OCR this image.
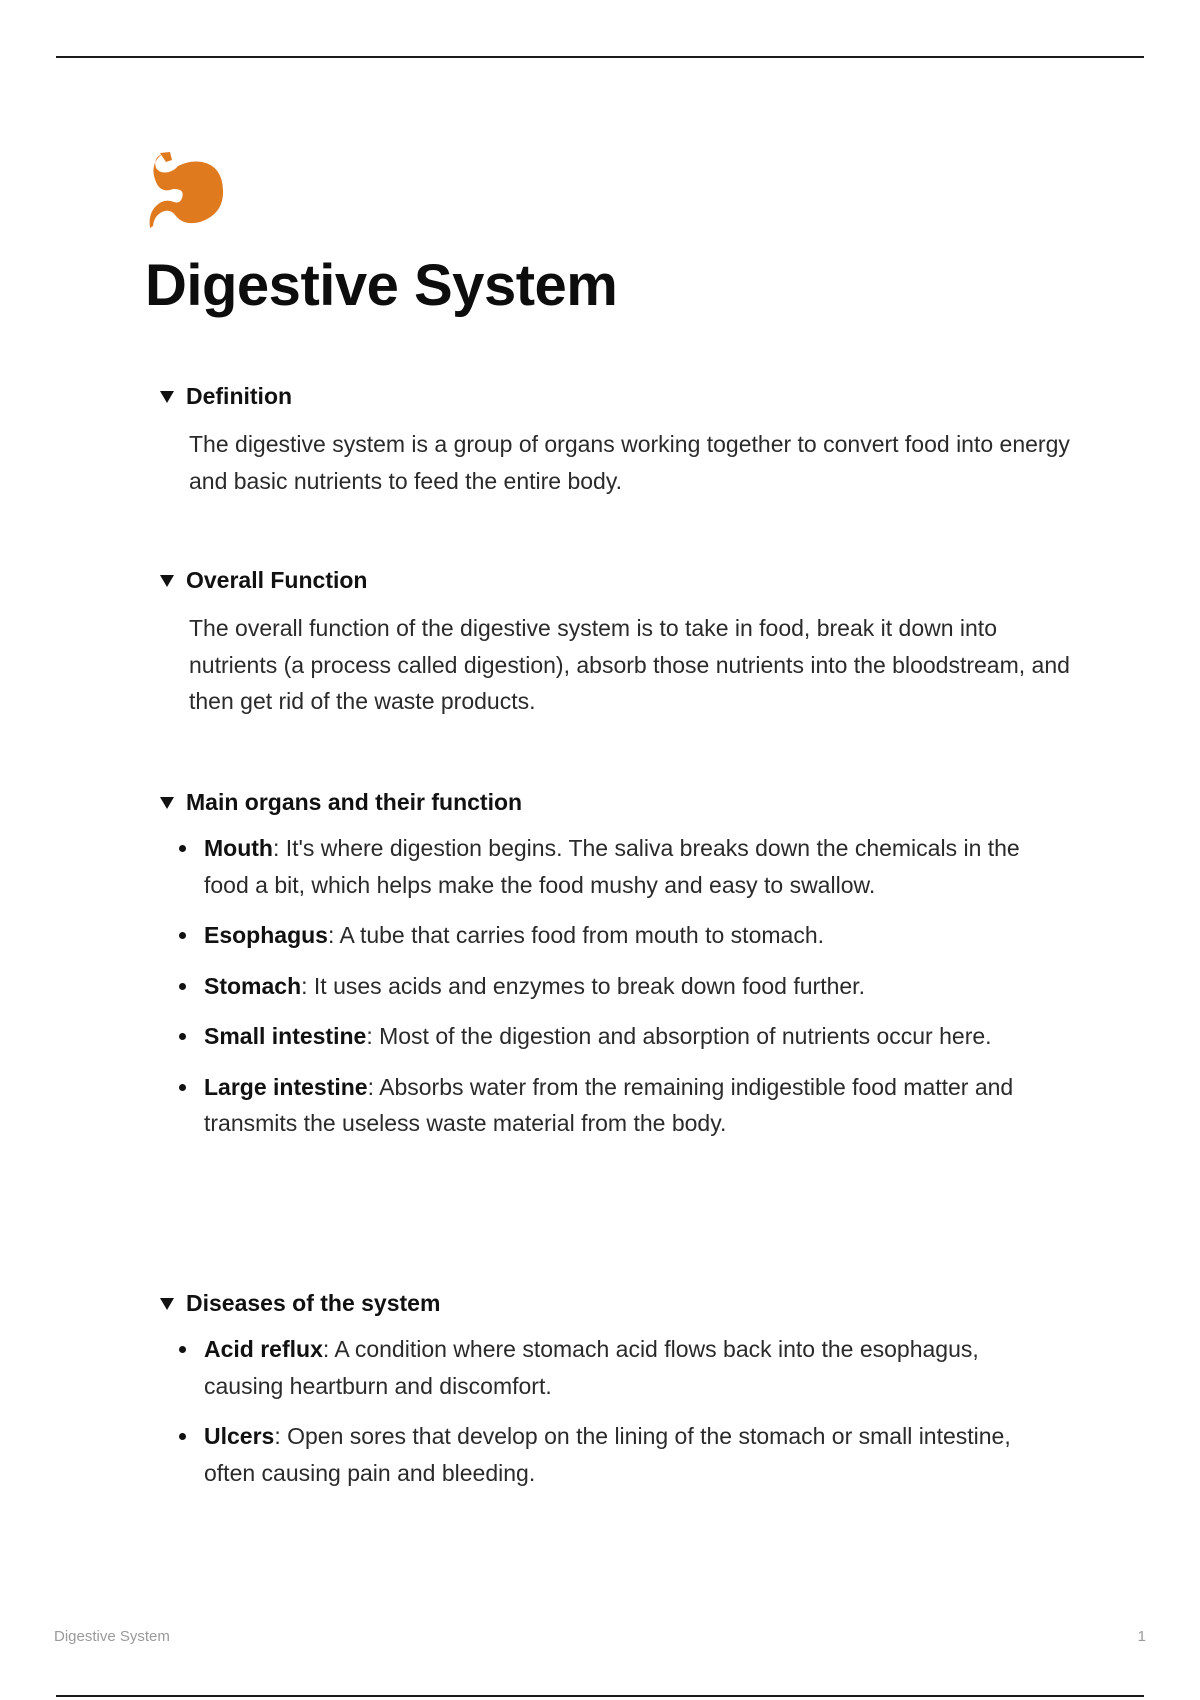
Digestive System
Definition

The digestive system is a group of organs working together to convert food into energy and basic nutrients to feed the entire body.

Overall Function

The overall function of the digestive system is to take in food, break it down into nutrients (a process called digestion), absorb those nutrients into the bloodstream, and then get rid of the waste products.

Main organs and their function
Mouth: It's where digestion begins. The saliva breaks down the chemicals in the food a bit, which helps make the food mushy and easy to swallow.
Esophagus: A tube that carries food from mouth to stomach.
Stomach: It uses acids and enzymes to break down food further.
Small intestine: Most of the digestion and absorption of nutrients occur here.
Large intestine: Absorbs water from the remaining indigestible food matter and transmits the useless waste material from the body.
Diseases of the system
Acid reflux: A condition where stomach acid flows back into the esophagus, causing heartburn and discomfort.
Ulcers: Open sores that develop on the lining of the stomach or small intestine, often causing pain and bleeding.
Digestive System	1
